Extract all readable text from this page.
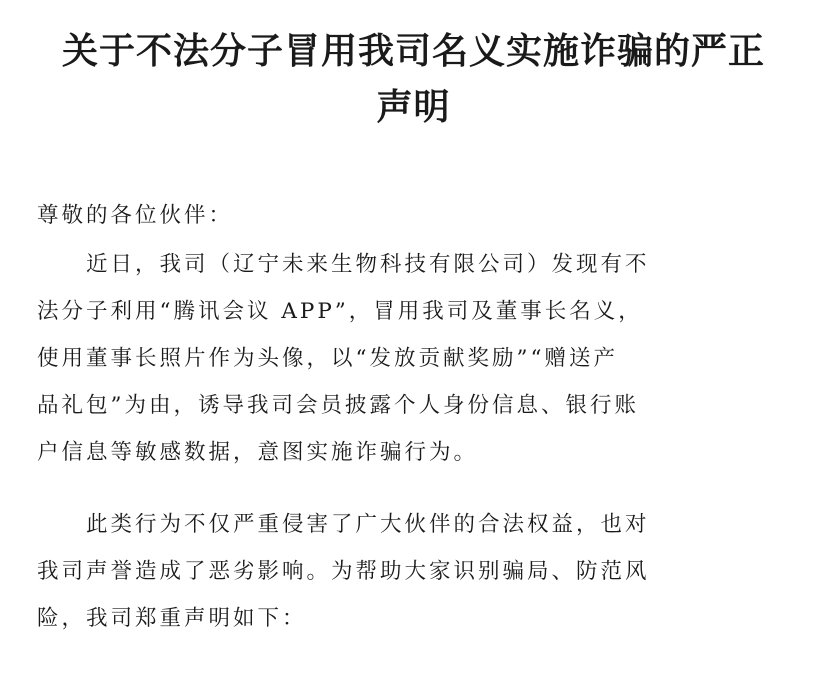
关于不法分子冒用我司名义实施诈骗的严正
声明

尊敬的各位伙伴：

近日，我司（辽宁未来生物科技有限公司）发现有不
法分子利用“腾讯会议 APP”，冒用我司及董事长名义，
使用董事长照片作为头像，以“发放贡献奖励”“赠送产
品礼包”为由，诱导我司会员披露个人身份信息、银行账
户信息等敏感数据，意图实施诈骗行为。

此类行为不仅严重侵害了广大伙伴的合法权益，也对
我司声誉造成了恶劣影响。为帮助大家识别骗局、防范风
险，我司郑重声明如下：
